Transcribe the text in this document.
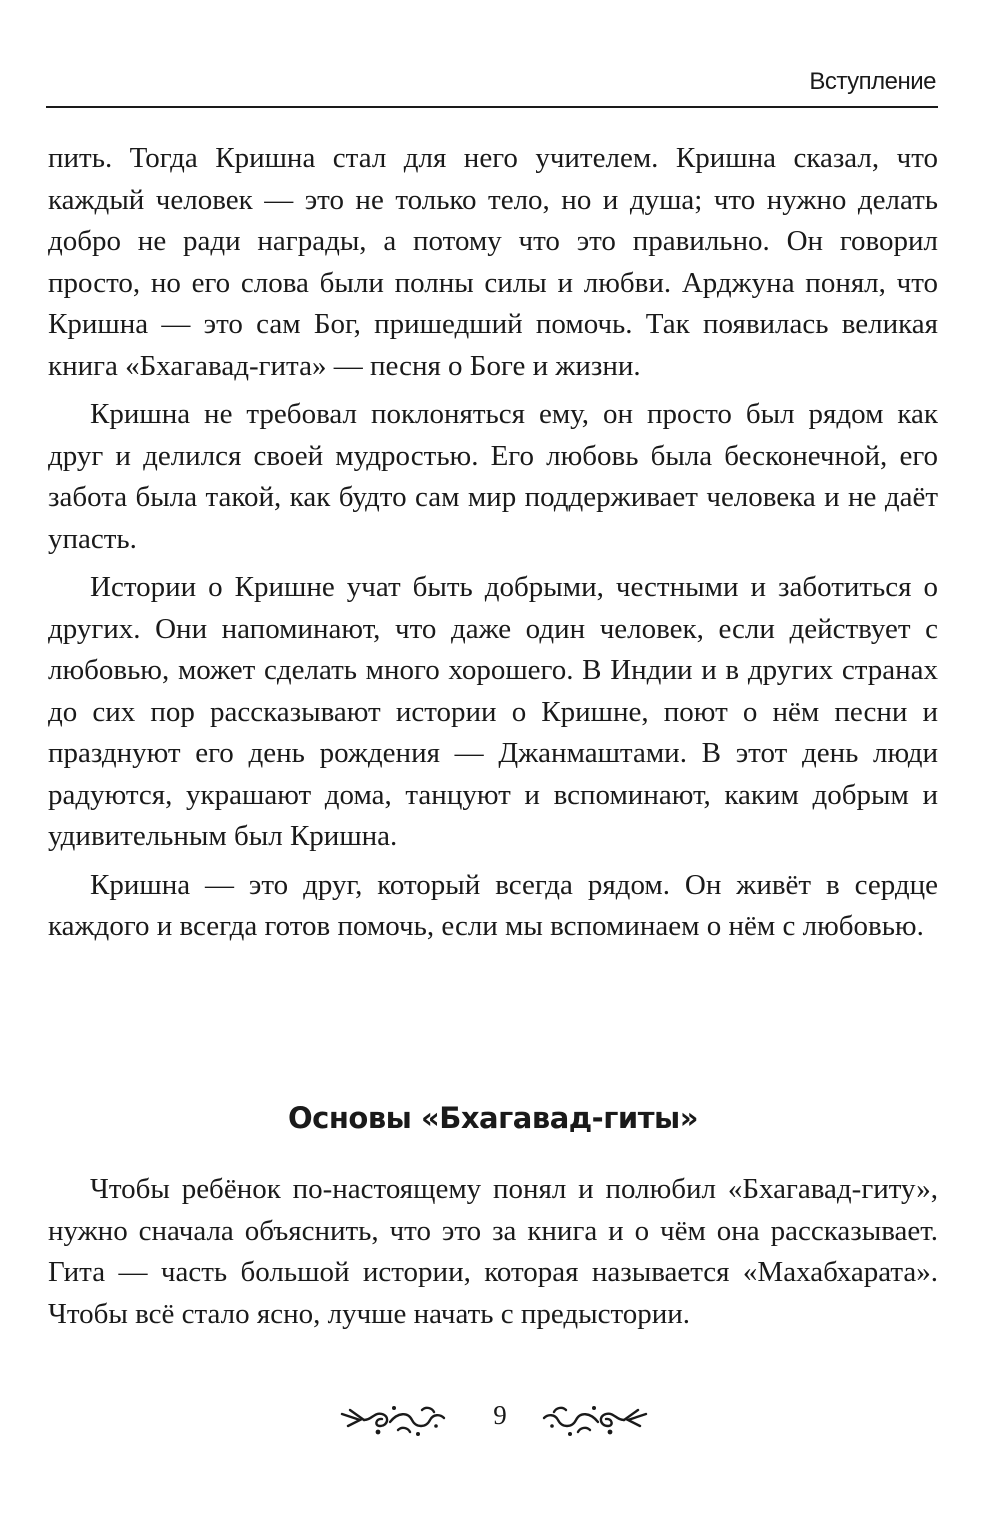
Вступление

пить. Тогда Кришна стал для него учителем. Кришна сказал, что каждый человек — это не только тело, но и душа; что нужно делать добро не ради награды, а потому что это правильно. Он говорил просто, но его слова были полны силы и любви. Арджуна понял, что Кришна — это сам Бог, пришедший помочь. Так появилась великая книга «Бхагавад-гита» — песня о Боге и жизни.

Кришна не требовал поклоняться ему, он просто был рядом как друг и делился своей мудростью. Его любовь была бесконечной, его забота была такой, как будто сам мир поддерживает человека и не даёт упасть.

Истории о Кришне учат быть добрыми, честными и заботиться о других. Они напоминают, что даже один человек, если действует с любовью, может сделать много хорошего. В Индии и в других странах до сих пор рассказывают истории о Кришне, поют о нём песни и празднуют его день рождения — Джанмаштами. В этот день люди радуются, украшают дома, танцуют и вспоминают, каким добрым и удивительным был Кришна.

Кришна — это друг, который всегда рядом. Он живёт в сердце каждого и всегда готов помочь, если мы вспоминаем о нём с любовью.

Основы «Бхагавад-гиты»

Чтобы ребёнок по-настоящему понял и полюбил «Бхагавад-гиту», нужно сначала объяснить, что это за книга и о чём она рассказывает. Гита — часть большой истории, которая называется «Махабхарата». Чтобы всё стало ясно, лучше начать с предыстории.

9
